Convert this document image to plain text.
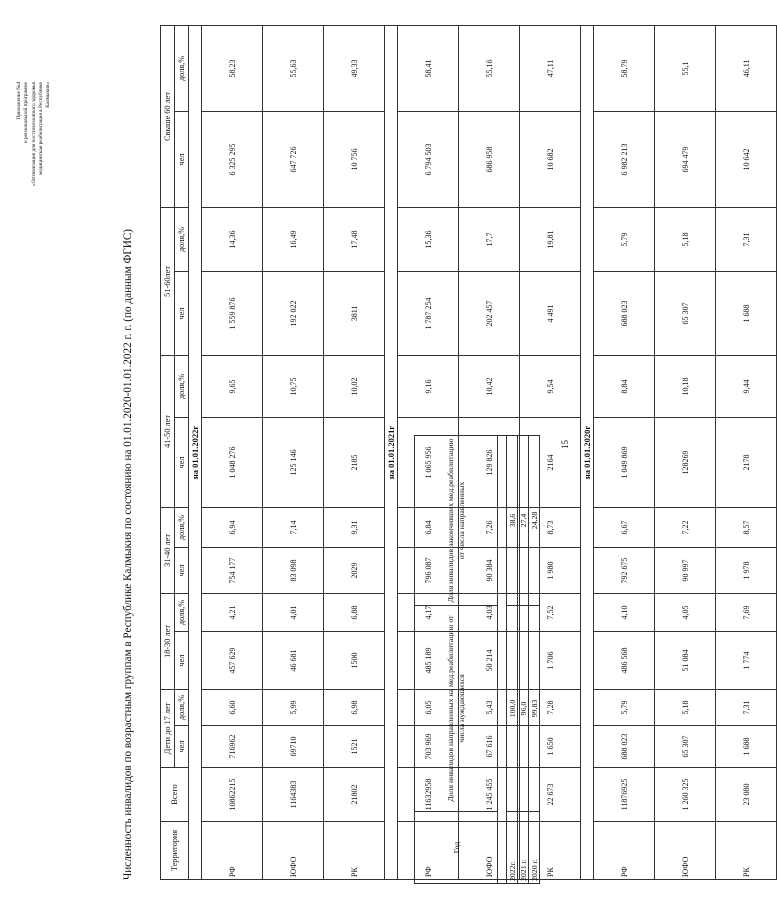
Приложение №4 к региональной программе «Оптимизация для постпенсионного здоровья медицинская реабилитация в Республике Калмыкия»
Численность инвалидов по возрастным группам в Республике Калмыкия по состоянию на 01.01.2020-01.01.2022 г. г. (по данным ФГИС)	Территория	Всего	Дети до 17 лет		18-30 лет		31-40 лет		41-50 лет		51-60лет		Свыше 60 лет	
		чел	доля,%	чел	доля,%	чел	доля,%	чел	доля,%	чел	доля,%	чел	доля,%
на 01.01.2022г													
РФ	10862215	716962	6,60	457 629	4,21	754 177	6,94	1 048 276	9,65	1 559 876	14,36	6 325 295	58,23
ЮФО	1164383	69710	5,99	46 681	4,01	83 098	7,14	125 146	10,75	192 022	16,49	647 726	55,63
РК	21802	1521	6,98	1500	6,88	2029	9,31	2185	10,02	3811	17,48	10 756	49,33
на 01.01.2021г													
РФ	11632958	703 969	6,05	485 189	4,17	796 087	6,84	1 065 956	9,16	1 787 254	15,36	6 794 503	58,41
ЮФО	1 245 455	67 616	5,43	50 214	4,03	90 384	7,26	129 826	10,42	202 457	17,7	686 958	55,16
РК	22 673	1 650	7,28	1 706	7,52	1 980	8,73	2164	9,54	4 491	19,81	10 682	47,11
на 01.01.2020г													
РФ	11876925	688 023	5,79	486 568	4,10	792 675	6,67	1 049 869	8,84	688 023	5,79	6 982 213	58,79
ЮФО	1 260 325	65 307	5,18	51 084	4,05	90 997	7,22	128269	10,18	65 307	5,18	694 479	55,1
РК	23 080	1 688	7,31	1 774	7,69	1 978	8,57	2178	9,44	1 688	7,31	10 642	46,11
Год	Доля инвалидов направленных на мед.реабилитацию от числа нуждающихся	Доля инвалидов закончивших мед.реабилитацию от числа направленных

2022г.	100,0	38,6
2021 г.	96,0	27,4
2020 г.	99,83	24,28
15
